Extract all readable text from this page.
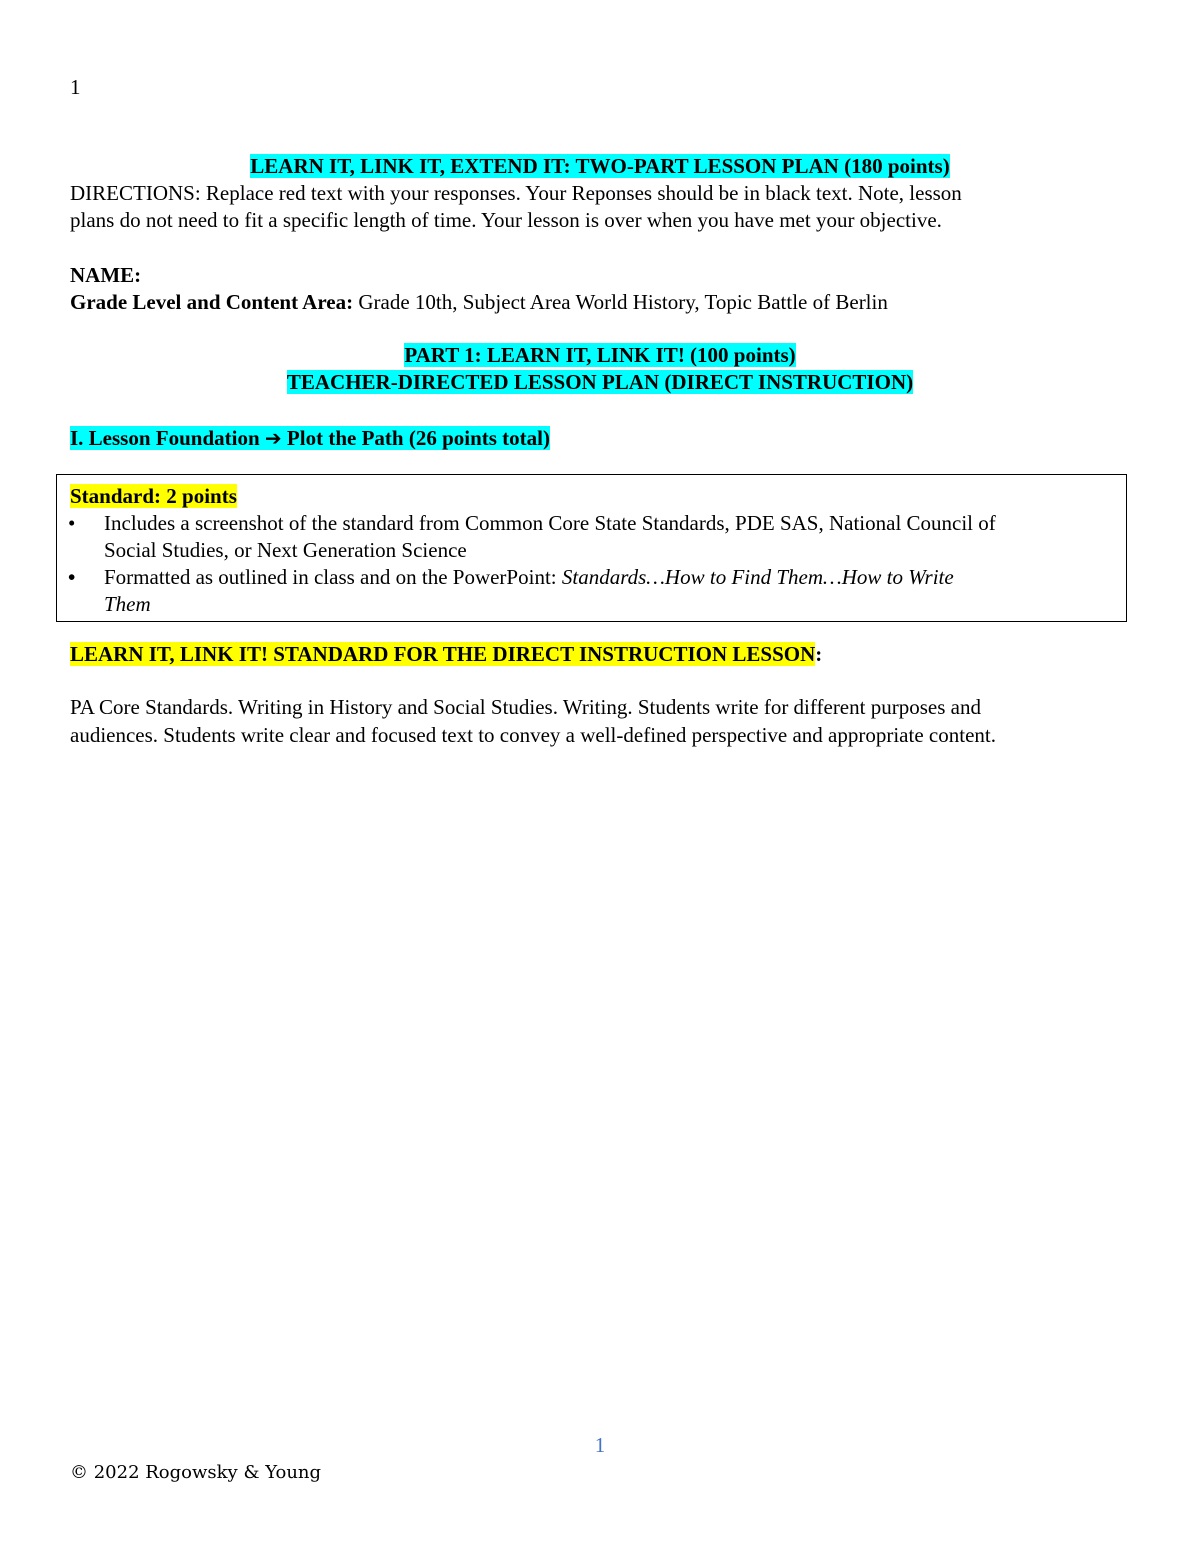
1
LEARN IT, LINK IT, EXTEND IT: TWO-PART LESSON PLAN (180 points)
DIRECTIONS: Replace red text with your responses. Your Reponses should be in black text. Note, lesson
plans do not need to fit a specific length of time. Your lesson is over when you have met your objective.
NAME:
Grade Level and Content Area: Grade 10th, Subject Area World History, Topic Battle of Berlin
PART 1: LEARN IT, LINK IT! (100 points)
TEACHER-DIRECTED LESSON PLAN (DIRECT INSTRUCTION)
I. Lesson Foundation ➔ Plot the Path (26 points total)
Standard: 2 points
• Includes a screenshot of the standard from Common Core State Standards, PDE SAS, National Council of
Social Studies, or Next Generation Science
• Formatted as outlined in class and on the PowerPoint: Standards…How to Find Them…How to Write
Them
LEARN IT, LINK IT! STANDARD FOR THE DIRECT INSTRUCTION LESSON:
PA Core Standards. Writing in History and Social Studies. Writing. Students write for different purposes and
audiences. Students write clear and focused text to convey a well-defined perspective and appropriate content.
1
© 2022 Rogowsky & Young
